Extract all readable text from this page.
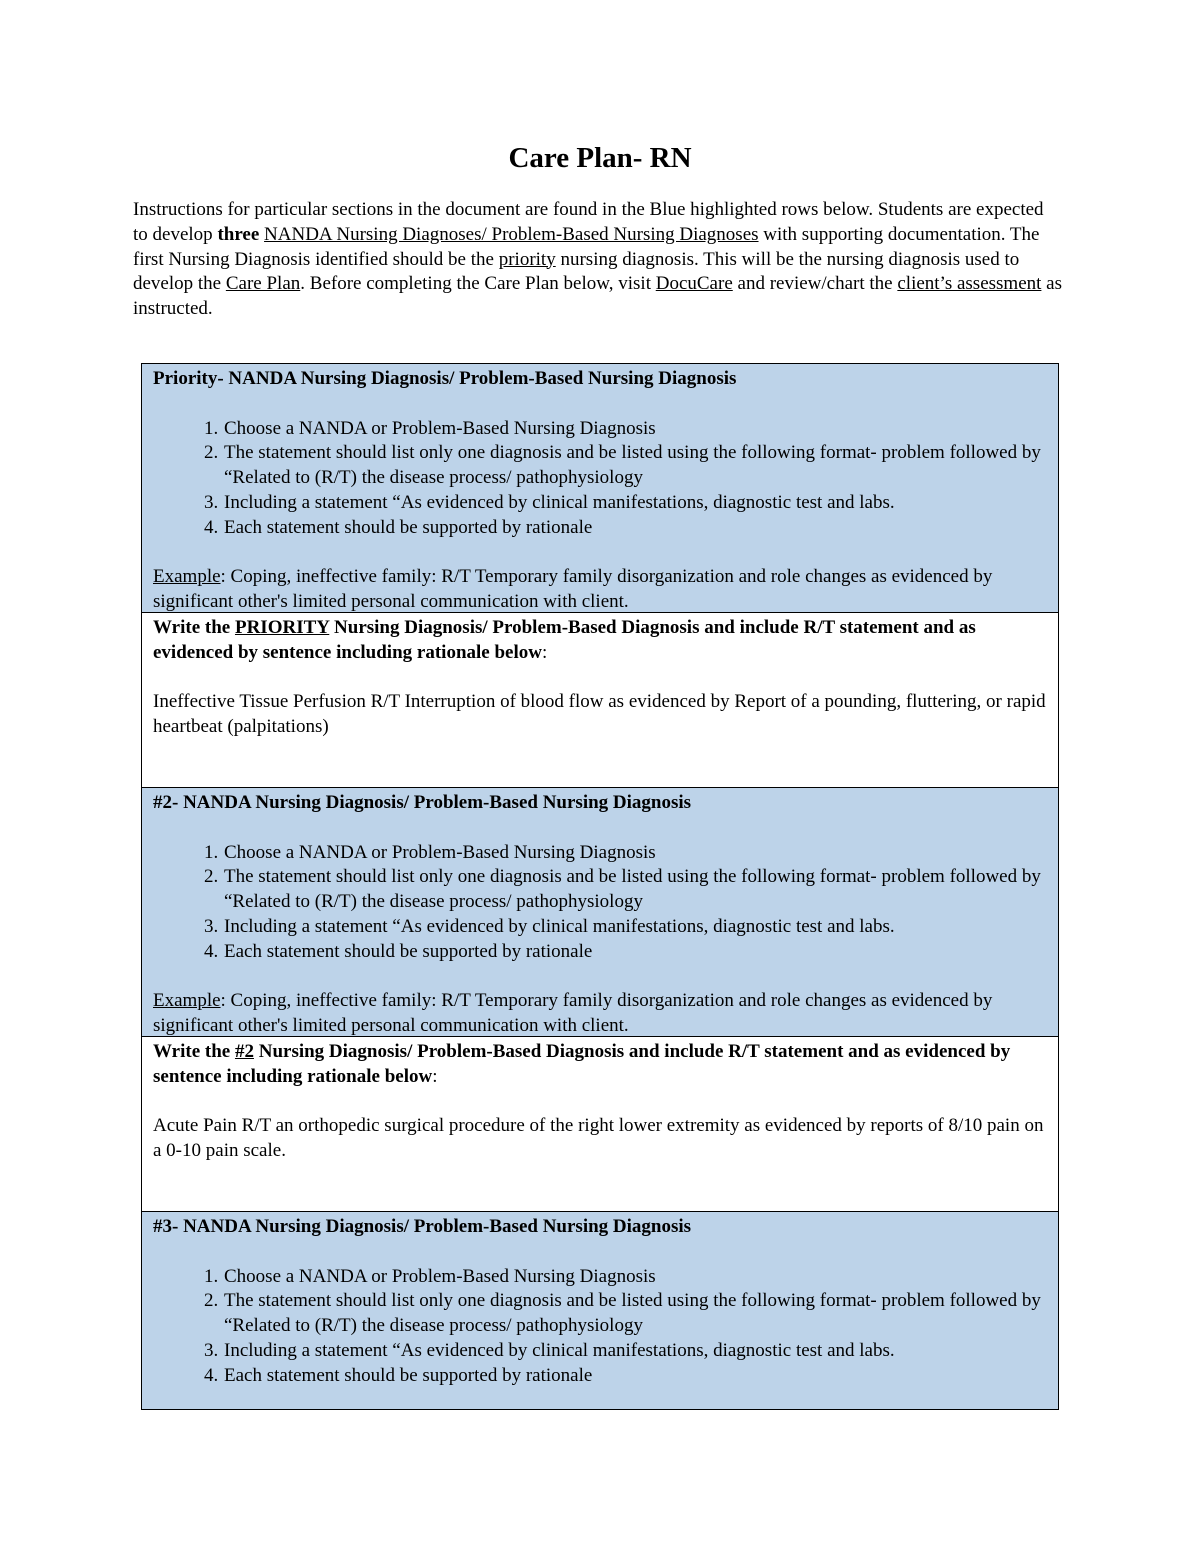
Care Plan- RN
Instructions for particular sections in the document are found in the Blue highlighted rows below. Students are expected to develop three NANDA Nursing Diagnoses/ Problem-Based Nursing Diagnoses with supporting documentation. The first Nursing Diagnosis identified should be the priority nursing diagnosis. This will be the nursing diagnosis used to develop the Care Plan. Before completing the Care Plan below, visit DocuCare and review/chart the client’s assessment as instructed.
Priority- NANDA Nursing Diagnosis/ Problem-Based Nursing Diagnosis
1. Choose a NANDA or Problem-Based Nursing Diagnosis
2. The statement should list only one diagnosis and be listed using the following format- problem followed by “Related to (R/T) the disease process/ pathophysiology
3. Including a statement “As evidenced by clinical manifestations, diagnostic test and labs.
4. Each statement should be supported by rationale
Example: Coping, ineffective family: R/T Temporary family disorganization and role changes as evidenced by significant other's limited personal communication with client.
Write the PRIORITY Nursing Diagnosis/ Problem-Based Diagnosis and include R/T statement and as evidenced by sentence including rationale below:
Ineffective Tissue Perfusion R/T Interruption of blood flow as evidenced by Report of a pounding, fluttering, or rapid heartbeat (palpitations)
#2- NANDA Nursing Diagnosis/ Problem-Based Nursing Diagnosis
1. Choose a NANDA or Problem-Based Nursing Diagnosis
2. The statement should list only one diagnosis and be listed using the following format- problem followed by “Related to (R/T) the disease process/ pathophysiology
3. Including a statement “As evidenced by clinical manifestations, diagnostic test and labs.
4. Each statement should be supported by rationale
Example: Coping, ineffective family: R/T Temporary family disorganization and role changes as evidenced by significant other's limited personal communication with client.
Write the #2 Nursing Diagnosis/ Problem-Based Diagnosis and include R/T statement and as evidenced by sentence including rationale below:
Acute Pain R/T an orthopedic surgical procedure of the right lower extremity as evidenced by reports of 8/10 pain on a 0-10 pain scale.
#3- NANDA Nursing Diagnosis/ Problem-Based Nursing Diagnosis
1. Choose a NANDA or Problem-Based Nursing Diagnosis
2. The statement should list only one diagnosis and be listed using the following format- problem followed by “Related to (R/T) the disease process/ pathophysiology
3. Including a statement “As evidenced by clinical manifestations, diagnostic test and labs.
4. Each statement should be supported by rationale
